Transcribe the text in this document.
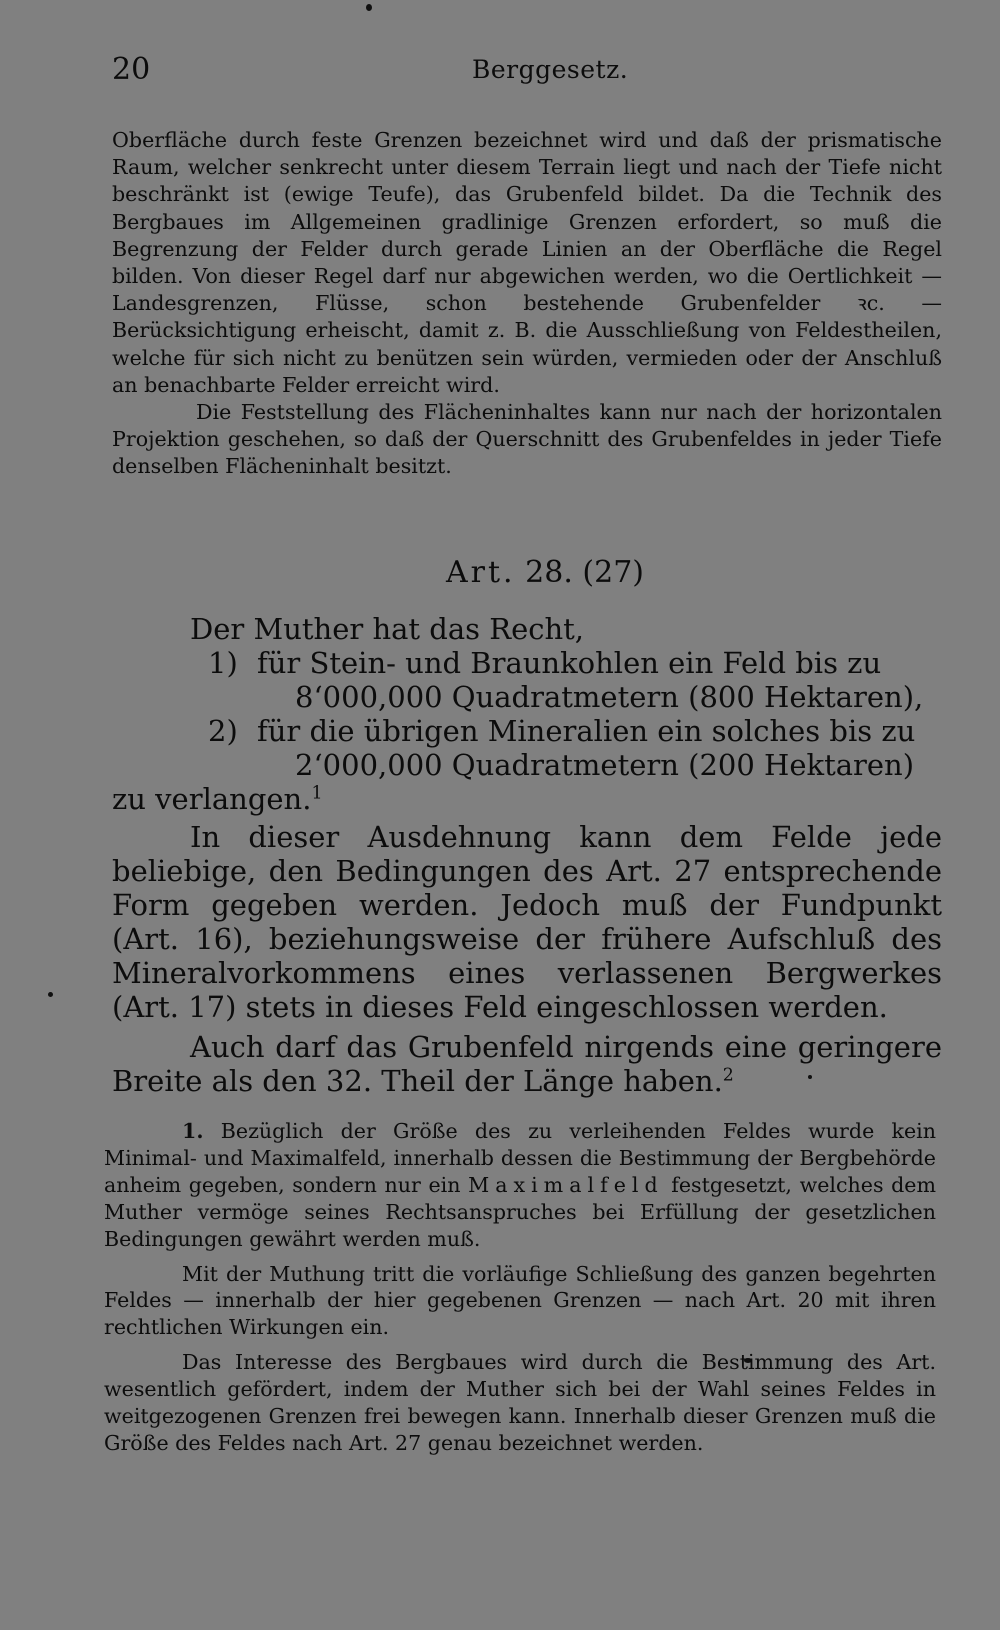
20	Berggesetz.

Oberfläche durch feste Grenzen bezeichnet wird und daß der prismatische Raum, welcher senkrecht unter diesem Terrain liegt und nach der Tiefe nicht beschränkt ist (ewige Teufe), das Grubenfeld bildet. Da die Technik des Bergbaues im Allgemeinen gradlinige Grenzen erfordert, so muß die Begrenzung der Felder durch gerade Linien an der Oberfläche die Regel bilden. Von dieser Regel darf nur abgewichen werden, wo die Oertlichkeit — Landesgrenzen, Flüsse, schon bestehende Grubenfelder ꝛc. — Berücksichtigung erheischt, damit z. B. die Ausschließung von Feldestheilen, welche für sich nicht zu benützen sein würden, vermieden oder der Anschluß an benachbarte Felder erreicht wird.

Die Feststellung des Flächeninhaltes kann nur nach der horizontalen Projektion geschehen, so daß der Querschnitt des Grubenfeldes in jeder Tiefe denselben Flächeninhalt besitzt.

Art. 28. (27)

Der Muther hat das Recht,

1) für Stein- und Braunkohlen ein Feld bis zu
8‘000,000 Quadratmetern (800 Hektaren),
2) für die übrigen Mineralien ein solches bis zu
2‘000,000 Quadratmetern (200 Hektaren)

zu verlangen.$^1$

In dieser Ausdehnung kann dem Felde jede beliebige, den Bedingungen des Art. 27 entsprechende Form gegeben werden. Jedoch muß der Fundpunkt (Art. 16), beziehungsweise der frühere Aufschluß des Mineralvorkommens eines verlassenen Bergwerkes (Art. 17) stets in dieses Feld eingeschlossen werden.

Auch darf das Grubenfeld nirgends eine geringere Breite als den 32. Theil der Länge haben.$^2$

1. Bezüglich der Größe des zu verleihenden Feldes wurde kein Minimal- und Maximalfeld, innerhalb dessen die Bestimmung der Bergbehörde anheim gegeben, sondern nur ein Maximalfeld festgesetzt, welches dem Muther vermöge seines Rechtsanspruches bei Erfüllung der gesetzlichen Bedingungen gewährt werden muß.

Mit der Muthung tritt die vorläufige Schließung des ganzen begehrten Feldes — innerhalb der hier gegebenen Grenzen — nach Art. 20 mit ihren rechtlichen Wirkungen ein.

Das Interesse des Bergbaues wird durch die Bestimmung des Art. wesentlich gefördert, indem der Muther sich bei der Wahl seines Feldes in weitgezogenen Grenzen frei bewegen kann. Innerhalb dieser Grenzen muß die Größe des Feldes nach Art. 27 genau bezeichnet werden.
